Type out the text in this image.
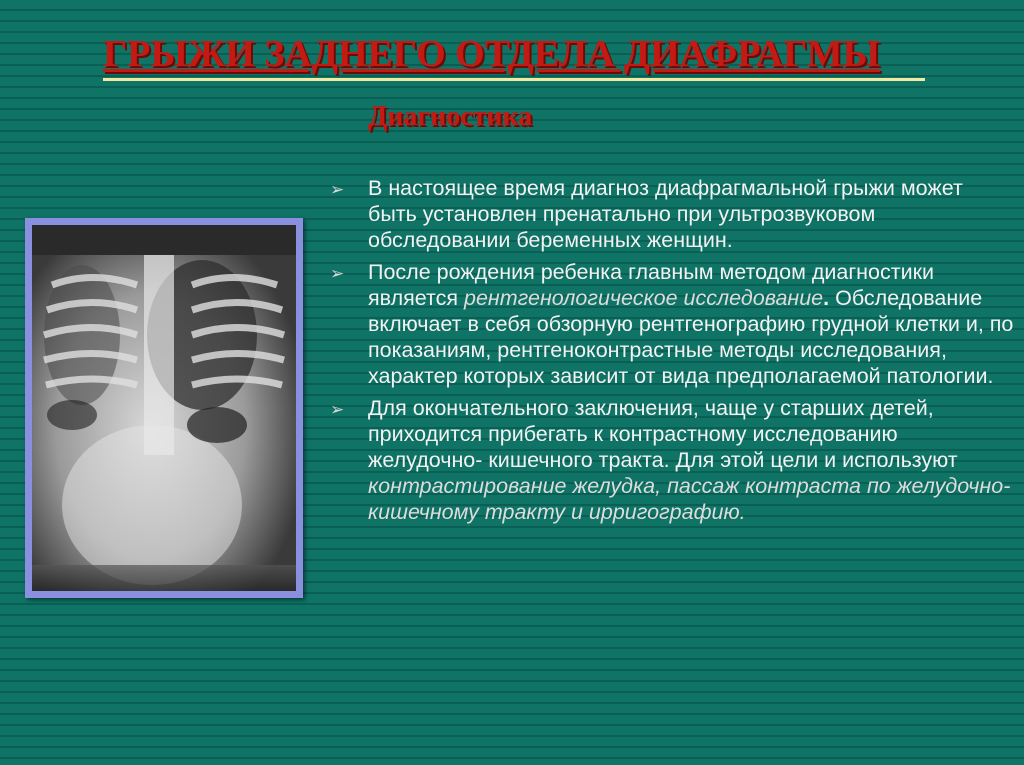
ГРЫЖИ ЗАДНЕГО ОТДЕЛА ДИАФРАГМЫ
Диагностика
➢ В настоящее время диагноз диафрагмальной грыжи может быть установлен пренатально при ультрозвуковом обследовании беременных женщин.
➢ После рождения ребенка главным методом диагностики является рентгенологическое исследование. Обследование включает в себя обзорную рентгенографию грудной клетки и, по показаниям, рентгеноконтрастные методы исследования, характер которых зависит от вида предполагаемой патологии.
➢ Для окончательного заключения, чаще у старших детей, приходится прибегать к контрастному исследованию желудочно- кишечного тракта. Для этой цели и используют контрастирование желудка, пассаж контраста по желудочно- кишечному тракту и ирригографию.
